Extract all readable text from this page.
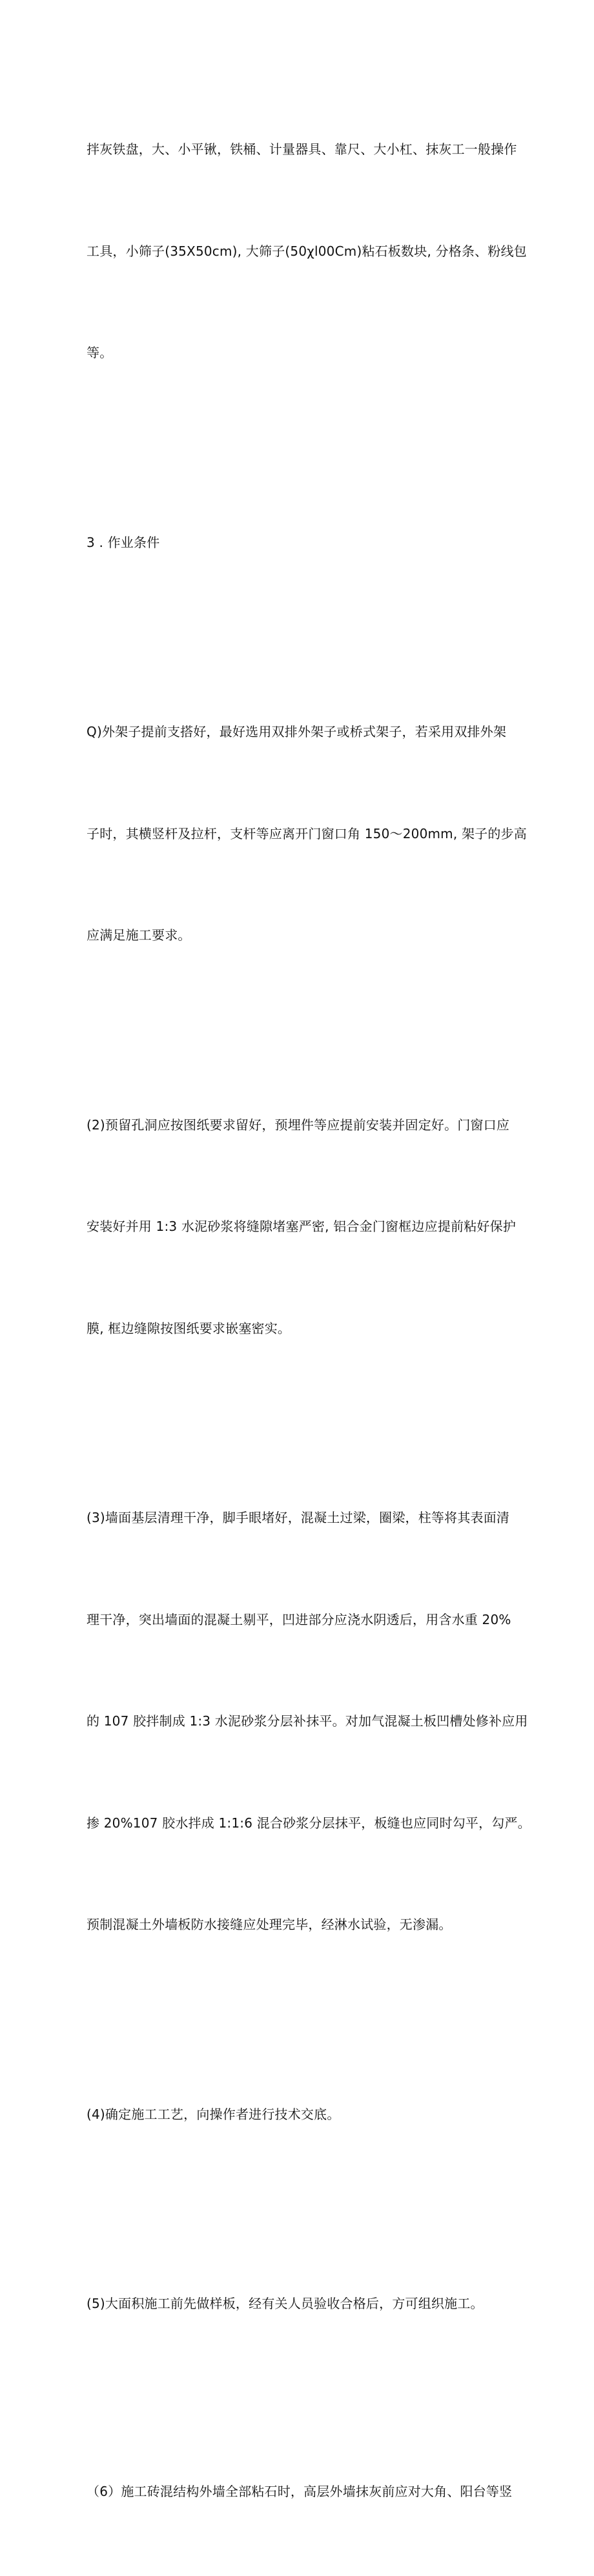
拌灰铁盘，大、小平锹，铁桶、计量器具、靠尺、大小杠、抹灰工一般操作

工具，小筛子(35X50cm), 大筛子(50χl00Cm)粘石板数块, 分格条、粉线包

等。

3 . 作业条件

Q)外架子提前支搭好，最好选用双排外架子或桥式架子，若采用双排外架

子时，其横竖杆及拉杆，支杆等应离开门窗口角 150～200mm, 架子的步高

应满足施工要求。

(2)预留孔洞应按图纸要求留好，预埋件等应提前安装并固定好。门窗口应

安装好并用 1:3 水泥砂浆将缝隙堵塞严密, 铝合金门窗框边应提前粘好保护

膜, 框边缝隙按图纸要求嵌塞密实。

(3)墙面基层清理干净，脚手眼堵好，混凝土过梁，圈梁，柱等将其表面清

理干净，突出墙面的混凝土剔平，凹进部分应浇水阴透后，用含水重 20%

的 107 胶拌制成 1:3 水泥砂浆分层补抹平。对加气混凝土板凹槽处修补应用

掺 20%107 胶水拌成 1:1:6 混合砂浆分层抹平，板缝也应同时勾平，勾严。

预制混凝土外墙板防水接缝应处理完毕，经淋水试验，无渗漏。

(4)确定施工工艺，向操作者进行技术交底。

(5)大面积施工前先做样板，经有关人员验收合格后，方可组织施工。

（6）施工砖混结构外墙全部粘石时，高层外墙抹灰前应对大角、阳台等竖
